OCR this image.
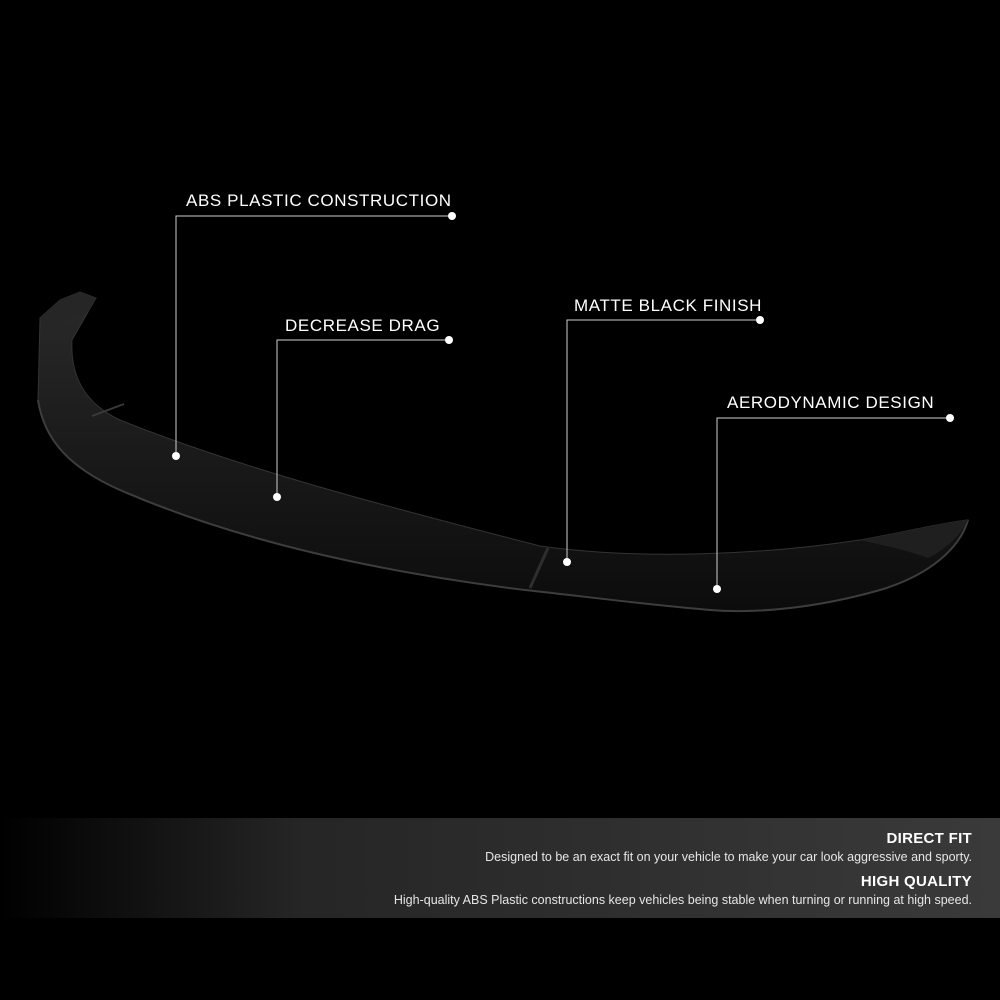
ABS PLASTIC CONSTRUCTION
DECREASE DRAG
MATTE BLACK FINISH
AERODYNAMIC DESIGN
DIRECT FIT
Designed to be an exact fit on your vehicle to make your car look aggressive and sporty.
HIGH QUALITY
High-quality ABS Plastic constructions keep vehicles being stable when turning or running at high speed.
